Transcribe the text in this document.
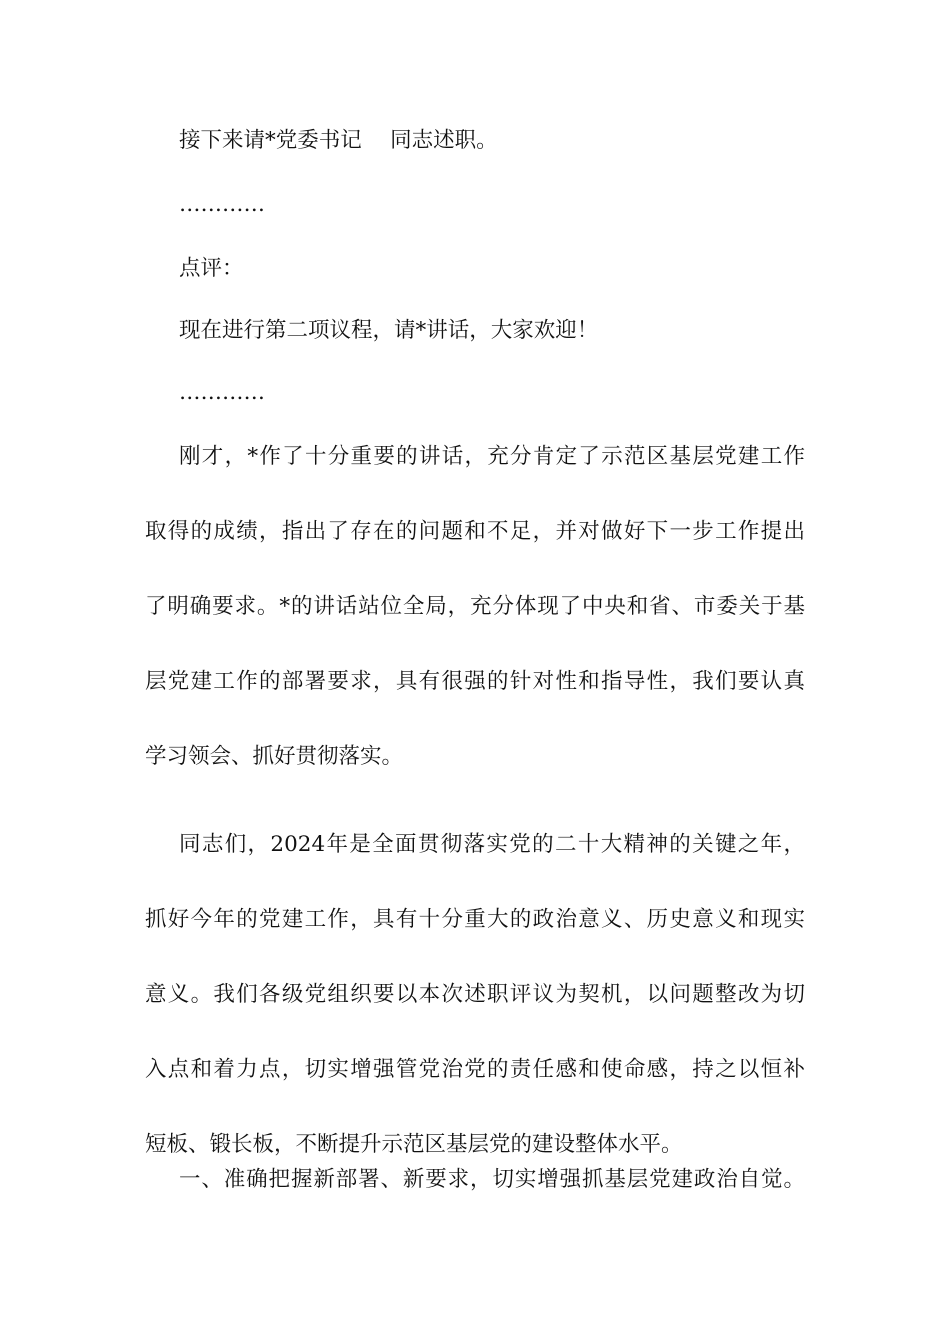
接下来请*党委书记　 同志述职。
…………
点评：
现在进行第二项议程，请*讲话，大家欢迎！
…………
刚才，*作了十分重要的讲话，充分肯定了示范区基层党建工作
取得的成绩，指出了存在的问题和不足，并对做好下一步工作提出
了明确要求。*的讲话站位全局，充分体现了中央和省、市委关于基
层党建工作的部署要求，具有很强的针对性和指导性，我们要认真
学习领会、抓好贯彻落实。
同志们，2024年是全面贯彻落实党的二十大精神的关键之年，
抓好今年的党建工作，具有十分重大的政治意义、历史意义和现实
意义。我们各级党组织要以本次述职评议为契机，以问题整改为切
入点和着力点，切实增强管党治党的责任感和使命感，持之以恒补
短板、锻长板，不断提升示范区基层党的建设整体水平。
一、准确把握新部署、新要求，切实增强抓基层党建政治自觉。
